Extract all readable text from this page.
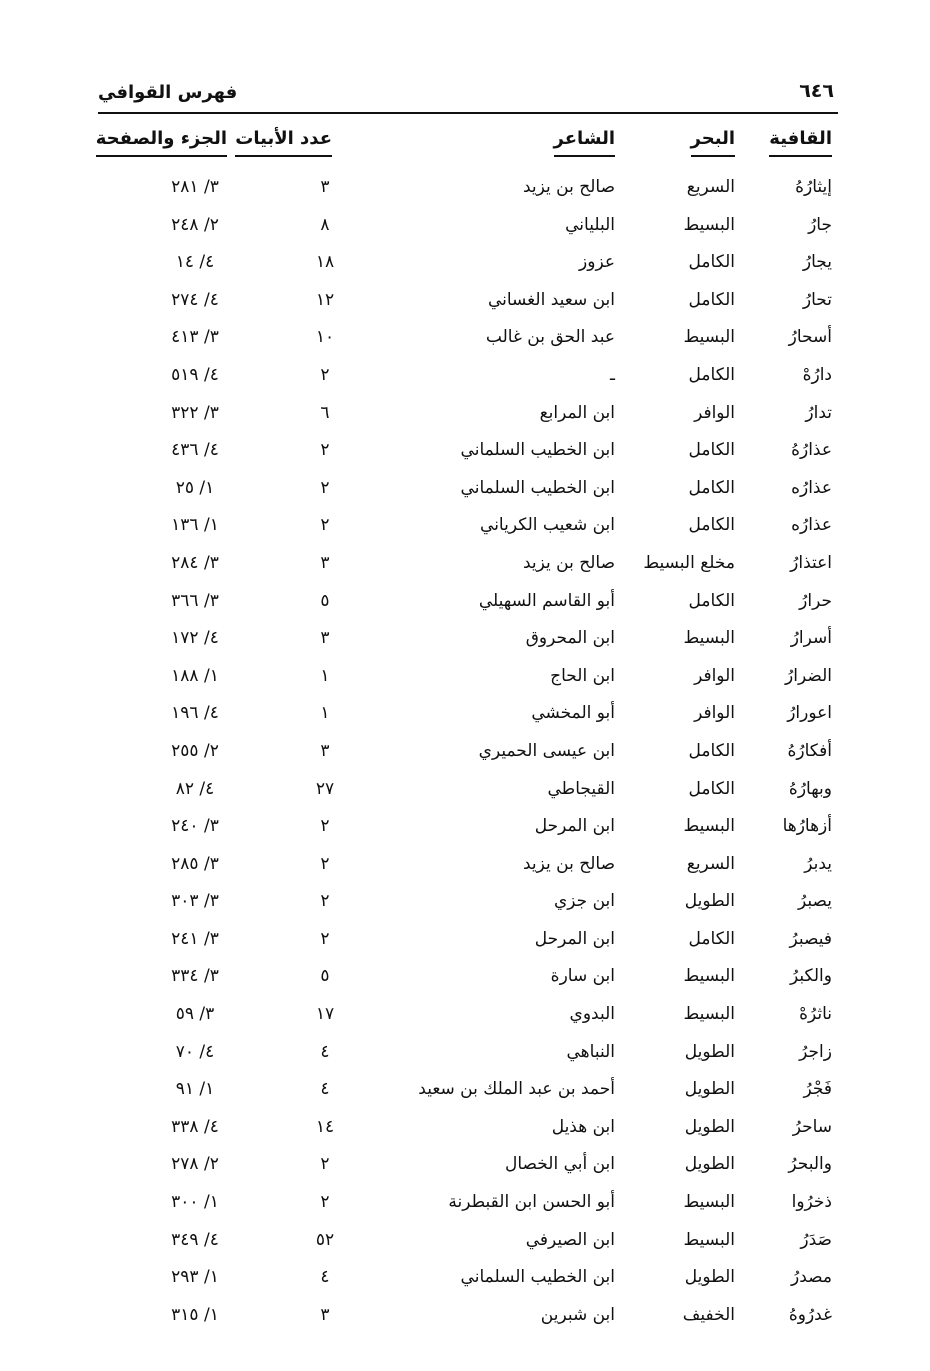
فهرس القوافي	٦٤٦
القافية
البحر
الشاعر
عدد الأبيات
الجزء والصفحة
إيثارُهُ
السريع
صالح بن يزيد
٣
٣/ ٢٨١
جارُ
البسيط
البلياني
٨
٢/ ٢٤٨
يجارُ
الكامل
عزوز
١٨
٤/ ١٤
تحارُ
الكامل
ابن سعيد الغساني
١٢
٤/ ٢٧٤
أسحارُ
البسيط
عبد الحق بن غالب
١٠
٣/ ٤١٣
دارُهْ
الكامل
ـ
٢
٤/ ٥١٩
تدارُ
الوافر
ابن المرابع
٦
٣/ ٣٢٢
عذارُهُ
الكامل
ابن الخطيب السلماني
٢
٤/ ٤٣٦
عذارُه
الكامل
ابن الخطيب السلماني
٢
١/ ٢٥
عذارُه
الكامل
ابن شعيب الكرياني
٢
١/ ١٣٦
اعتذارُ
مخلع البسيط
صالح بن يزيد
٣
٣/ ٢٨٤
حرارُ
الكامل
أبو القاسم السهيلي
٥
٣/ ٣٦٦
أسرارُ
البسيط
ابن المحروق
٣
٤/ ١٧٢
الضرارُ
الوافر
ابن الحاج
١
١/ ١٨٨
اعورارُ
الوافر
أبو المخشي
١
٤/ ١٩٦
أفكارُهُ
الكامل
ابن عيسى الحميري
٣
٢/ ٢٥٥
وبهارُهُ
الكامل
القيجاطي
٢٧
٤/ ٨٢
أزهارُها
البسيط
ابن المرحل
٢
٣/ ٢٤٠
يدبرُ
السريع
صالح بن يزيد
٢
٣/ ٢٨٥
يصبرُ
الطويل
ابن جزي
٢
٣/ ٣٠٣
فيصبرُ
الكامل
ابن المرحل
٢
٣/ ٢٤١
والكبرُ
البسيط
ابن سارة
٥
٣/ ٣٣٤
ناثرُهْ
البسيط
البدوي
١٧
٣/ ٥٩
زاجرُ
الطويل
النباهي
٤
٤/ ٧٠
فَجْرُ
الطويل
أحمد بن عبد الملك بن سعيد
٤
١/ ٩١
ساحرُ
الطويل
ابن هذيل
١٤
٤/ ٣٣٨
والبحرُ
الطويل
ابن أبي الخصال
٢
٢/ ٢٧٨
ذخرُوا
البسيط
أبو الحسن ابن القبطرنة
٢
١/ ٣٠٠
صَدَرُ
البسيط
ابن الصيرفي
٥٢
٤/ ٣٤٩
مصدرُ
الطويل
ابن الخطيب السلماني
٤
١/ ٢٩٣
غدرُوهُ
الخفيف
ابن شبرين
٣
١/ ٣١٥
